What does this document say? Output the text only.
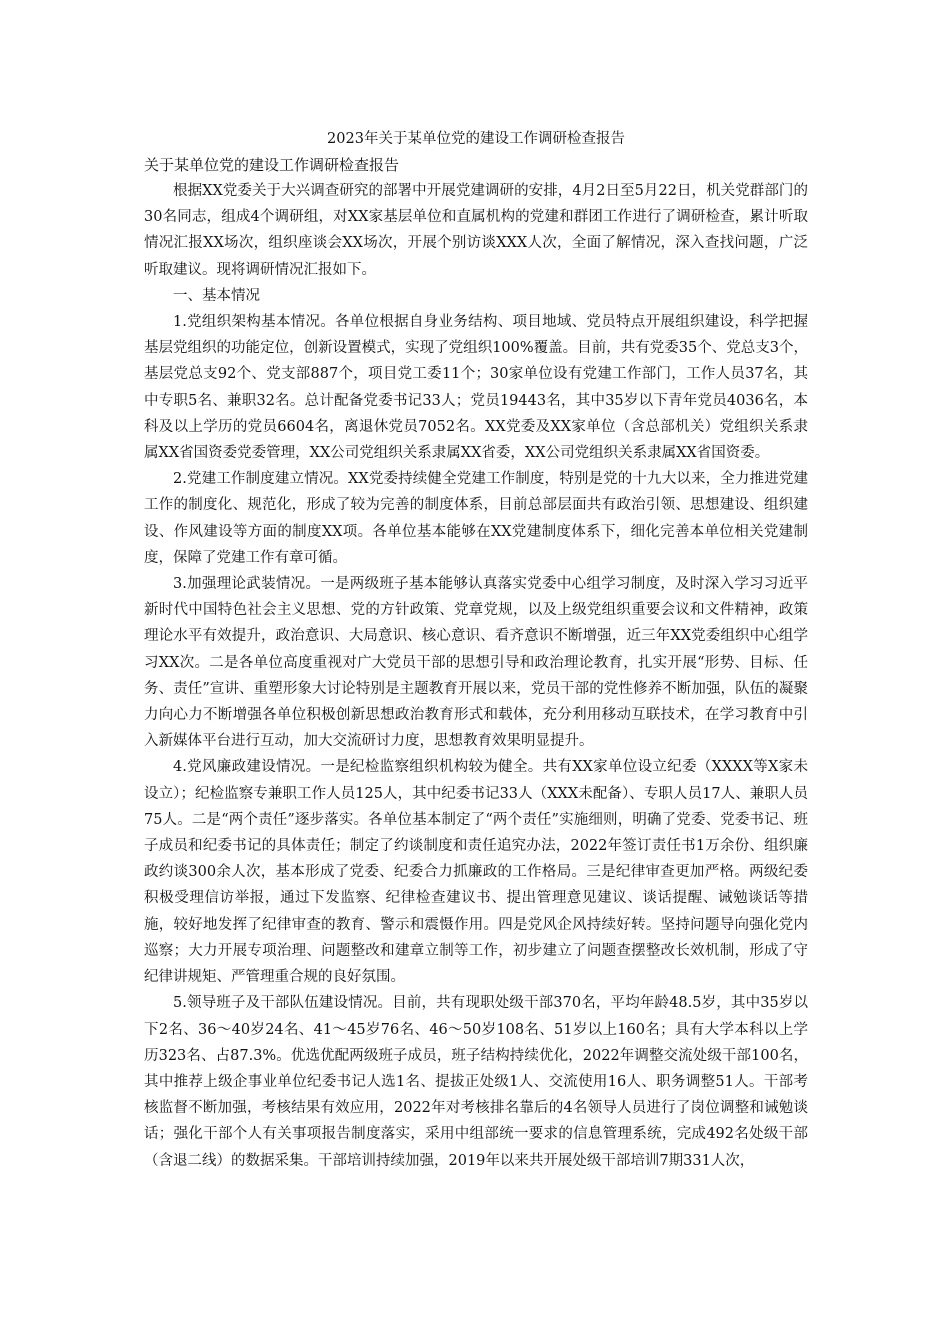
2023年关于某单位党的建设工作调研检查报告

关于某单位党的建设工作调研检查报告

根据XX党委关于大兴调查研究的部署中开展党建调研的安排，4月2日至5月22日，机关党群部门的30名同志，组成4个调研组，对XX家基层单位和直属机构的党建和群团工作进行了调研检查，累计听取情况汇报XX场次，组织座谈会XX场次，开展个别访谈XXX人次，全面了解情况，深入查找问题，广泛听取建议。现将调研情况汇报如下。

一、基本情况

1.党组织架构基本情况。各单位根据自身业务结构、项目地域、党员特点开展组织建设，科学把握基层党组织的功能定位，创新设置模式，实现了党组织100%覆盖。目前，共有党委35个、党总支3个，基层党总支92个、党支部887个，项目党工委11个；30家单位设有党建工作部门，工作人员37名，其中专职5名、兼职32名。总计配备党委书记33人；党员19443名，其中35岁以下青年党员4036名，本科及以上学历的党员6604名，离退休党员7052名。XX党委及XX家单位（含总部机关）党组织关系隶属XX省国资委党委管理，XX公司党组织关系隶属XX省委，XX公司党组织关系隶属XX省国资委。

2.党建工作制度建立情况。XX党委持续健全党建工作制度，特别是党的十九大以来，全力推进党建工作的制度化、规范化，形成了较为完善的制度体系，目前总部层面共有政治引领、思想建设、组织建设、作风建设等方面的制度XX项。各单位基本能够在XX党建制度体系下，细化完善本单位相关党建制度，保障了党建工作有章可循。

3.加强理论武装情况。一是两级班子基本能够认真落实党委中心组学习制度，及时深入学习习近平新时代中国特色社会主义思想、党的方针政策、党章党规，以及上级党组织重要会议和文件精神，政策理论水平有效提升，政治意识、大局意识、核心意识、看齐意识不断增强，近三年XX党委组织中心组学习XX次。二是各单位高度重视对广大党员干部的思想引导和政治理论教育，扎实开展“形势、目标、任务、责任”宣讲、重塑形象大讨论特别是主题教育开展以来，党员干部的党性修养不断加强，队伍的凝聚力向心力不断增强各单位积极创新思想政治教育形式和载体，充分利用移动互联技术，在学习教育中引入新媒体平台进行互动，加大交流研讨力度，思想教育效果明显提升。

4.党风廉政建设情况。一是纪检监察组织机构较为健全。共有XX家单位设立纪委（XXXX等X家未设立）；纪检监察专兼职工作人员125人，其中纪委书记33人（XXX未配备）、专职人员17人、兼职人员75人。二是“两个责任”逐步落实。各单位基本制定了“两个责任”实施细则，明确了党委、党委书记、班子成员和纪委书记的具体责任；制定了约谈制度和责任追究办法，2022年签订责任书1万余份、组织廉政约谈300余人次，基本形成了党委、纪委合力抓廉政的工作格局。三是纪律审查更加严格。两级纪委积极受理信访举报，通过下发监察、纪律检查建议书、提出管理意见建议、谈话提醒、诫勉谈话等措施，较好地发挥了纪律审查的教育、警示和震慑作用。四是党风企风持续好转。坚持问题导向强化党内巡察；大力开展专项治理、问题整改和建章立制等工作，初步建立了问题查摆整改长效机制，形成了守纪律讲规矩、严管理重合规的良好氛围。

5.领导班子及干部队伍建设情况。目前，共有现职处级干部370名，平均年龄48.5岁，其中35岁以下2名、36～40岁24名、41～45岁76名、46～50岁108名、51岁以上160名；具有大学本科以上学历323名、占87.3%。优选优配两级班子成员，班子结构持续优化，2022年调整交流处级干部100名，其中推荐上级企事业单位纪委书记人选1名、提拔正处级1人、交流使用16人、职务调整51人。干部考核监督不断加强，考核结果有效应用，2022年对考核排名靠后的4名领导人员进行了岗位调整和诫勉谈话；强化干部个人有关事项报告制度落实，采用中组部统一要求的信息管理系统，完成492名处级干部（含退二线）的数据采集。干部培训持续加强，2019年以来共开展处级干部培训7期331人次，
